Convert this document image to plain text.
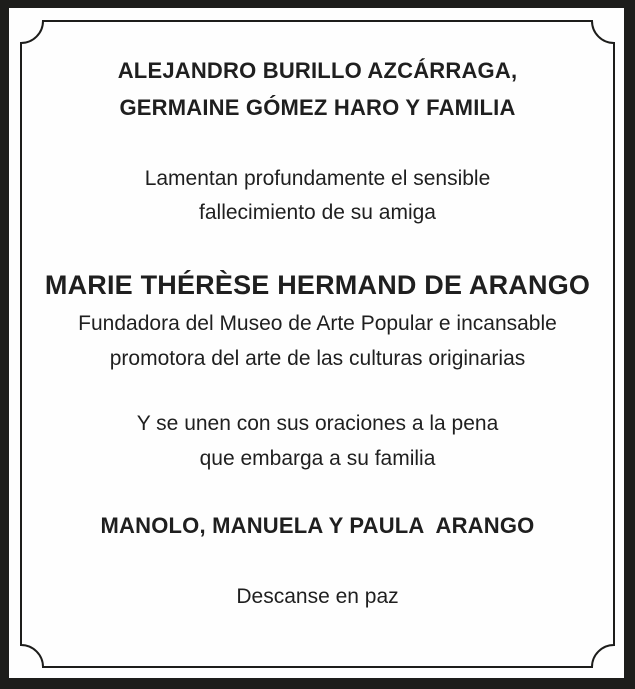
ALEJANDRO BURILLO AZCÁRRAGA,
GERMAINE GÓMEZ HARO Y FAMILIA
Lamentan profundamente el sensible
fallecimiento de su amiga
MARIE THÉRÈSE HERMAND DE ARANGO
Fundadora del Museo de Arte Popular e incansable
promotora del arte de las culturas originarias
Y se unen con sus oraciones a la pena
que embarga a su familia
MANOLO, MANUELA Y PAULA  ARANGO
Descanse en paz
